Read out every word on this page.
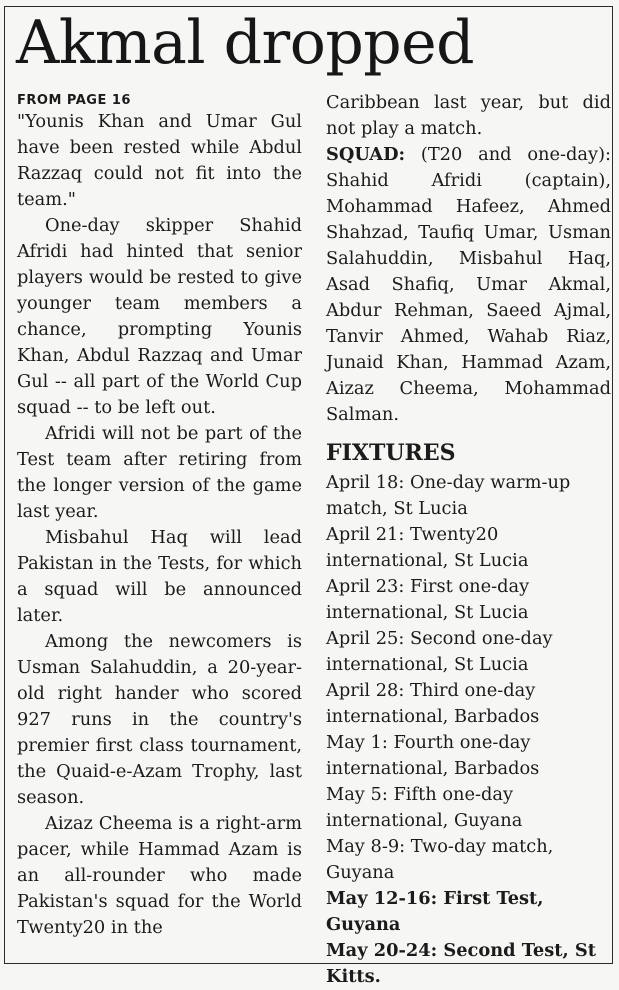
Akmal dropped
FROM PAGE 16

"Younis Khan and Umar Gul have been rested while Abdul Razzaq could not fit into the team."

One-day skipper Shahid Afridi had hinted that senior players would be rested to give younger team members a chance, prompting Younis Khan, Abdul Razzaq and Umar Gul -- all part of the World Cup squad -- to be left out.

Afridi will not be part of the Test team after retiring from the longer version of the game last year.

Misbahul Haq will lead Pakistan in the Tests, for which a squad will be announced later.

Among the newcomers is Usman Salahuddin, a 20-year-old right hander who scored 927 runs in the country's premier first class tournament, the Quaid-e-Azam Trophy, last season.

Aizaz Cheema is a right-arm pacer, while Hammad Azam is an all-rounder who made Pakistan's squad for the World Twenty20 in the

Caribbean last year, but did not play a match.

SQUAD: (T20 and one-day): Shahid Afridi (captain), Mohammad Hafeez, Ahmed Shahzad, Taufiq Umar, Usman Salahuddin, Misbahul Haq, Asad Shafiq, Umar Akmal, Abdur Rehman, Saeed Ajmal, Tanvir Ahmed, Wahab Riaz, Junaid Khan, Hammad Azam, Aizaz Cheema, Mohammad Salman.

FIXTURES

April 18: One-day warm-up match, St Lucia

April 21: Twenty20 international, St Lucia

April 23: First one-day international, St Lucia

April 25: Second one-day international, St Lucia

April 28: Third one-day international, Barbados

May 1: Fourth one-day international, Barbados

May 5: Fifth one-day international, Guyana

May 8-9: Two-day match, Guyana

May 12-16: First Test, Guyana

May 20-24: Second Test, St Kitts.
